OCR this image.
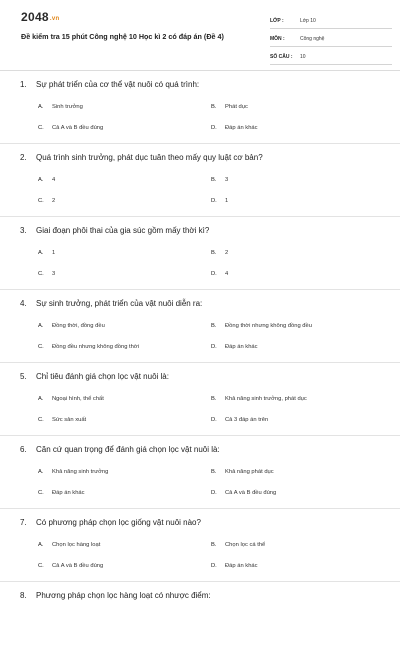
2048.vn
Đề kiểm tra 15 phút Công nghệ 10 Học kì 2 có đáp án (Đề 4)
LỚP :	Lớp 10
MÔN :	Công nghệ
SỐ CÂU :	10
1. Sự phát triển của cơ thể vật nuôi có quá trình:
A. Sinh trưởng	B. Phát dục
C. Cả A và B đều đúng	D. Đáp án khác
2. Quá trình sinh trưởng, phát dục tuân theo mấy quy luật cơ bản?
A. 4	B. 3
C. 2	D. 1
3. Giai đoạn phôi thai của gia súc gồm mấy thời kì?
A. 1	B. 2
C. 3	D. 4
4. Sự sinh trưởng, phát triển của vật nuôi diễn ra:
A. Đồng thời, đồng đều	B. Đồng thời nhưng không đồng đều
C. Đồng đều nhưng không đồng thời	D. Đáp án khác
5. Chỉ tiêu đánh giá chọn lọc vật nuôi là:
A. Ngoại hình, thể chất	B. Khả năng sinh trưởng, phát dục
C. Sức sản xuất	D. Cả 3 đáp án trên
6. Căn cứ quan trọng để đánh giá chọn lọc vật nuôi là:
A. Khả năng sinh trưởng	B. Khả năng phát dục
C. Đáp án khác	D. Cả A và B đều đúng
7. Có phương pháp chọn lọc giống vật nuôi nào?
A. Chọn lọc hàng loạt	B. Chọn lọc cá thể
C. Cả A và B đều đúng	D. Đáp án khác
8. Phương pháp chọn lọc hàng loạt có nhược điểm:
